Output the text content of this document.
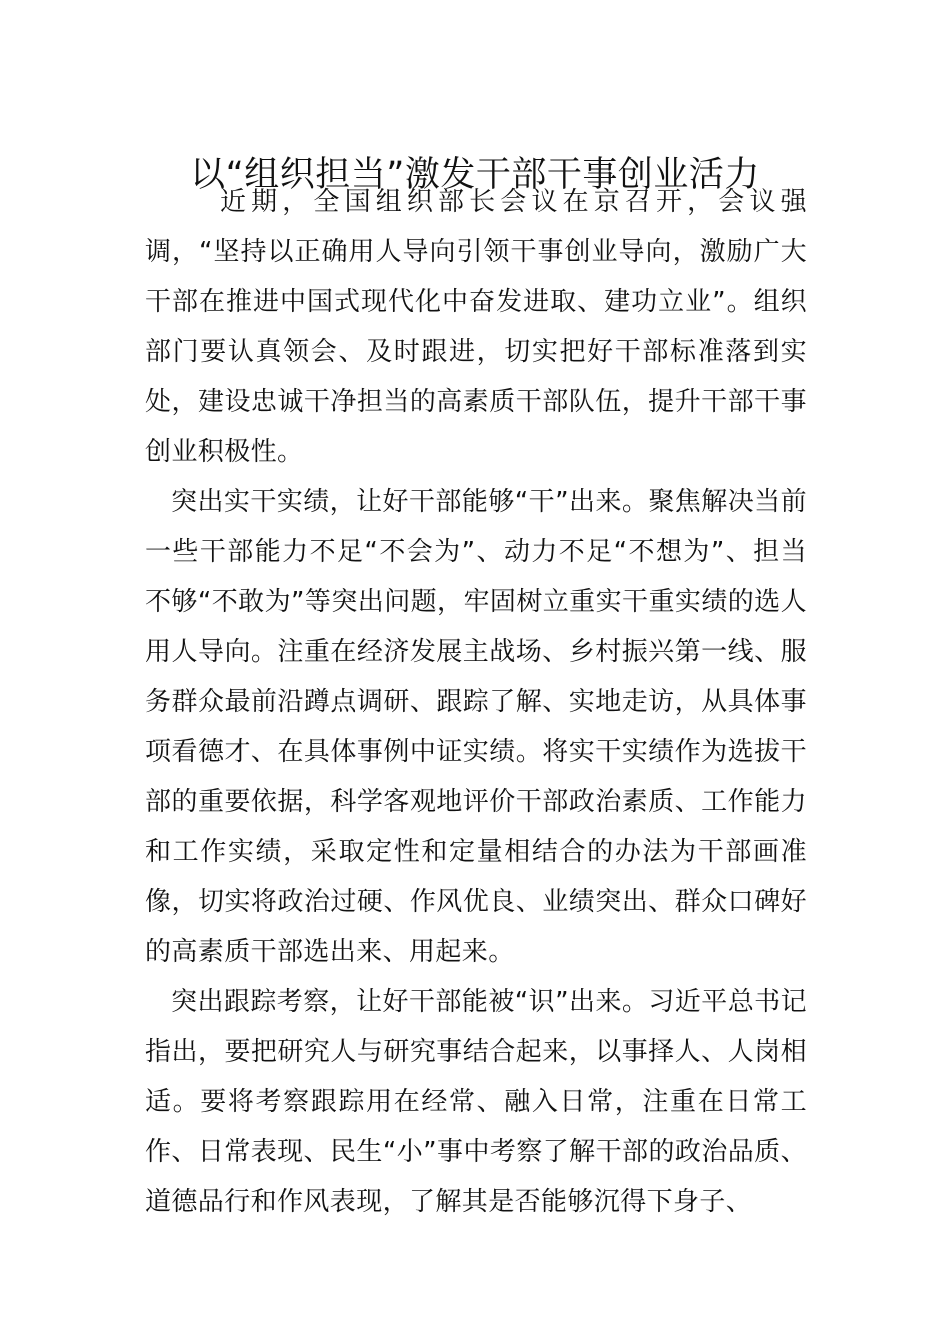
以“组织担当”激发干部干事创业活力

近期，全国组织部长会议在京召开，会议强调，“坚持以正确用人导向引领干事创业导向，激励广大干部在推进中国式现代化中奋发进取、建功立业”。组织部门要认真领会、及时跟进，切实把好干部标准落到实处，建设忠诚干净担当的高素质干部队伍，提升干部干事创业积极性。

突出实干实绩，让好干部能够“干”出来。聚焦解决当前一些干部能力不足“不会为”、动力不足“不想为”、担当不够“不敢为”等突出问题，牢固树立重实干重实绩的选人用人导向。注重在经济发展主战场、乡村振兴第一线、服务群众最前沿蹲点调研、跟踪了解、实地走访，从具体事项看德才、在具体事例中证实绩。将实干实绩作为选拔干部的重要依据，科学客观地评价干部政治素质、工作能力和工作实绩，采取定性和定量相结合的办法为干部画准像，切实将政治过硬、作风优良、业绩突出、群众口碑好的高素质干部选出来、用起来。

突出跟踪考察，让好干部能被“识”出来。习近平总书记指出，要把研究人与研究事结合起来，以事择人、人岗相适。要将考察跟踪用在经常、融入日常，注重在日常工作、日常表现、民生“小”事中考察了解干部的政治品质、道德品行和作风表现，了解其是否能够沉得下身子、
